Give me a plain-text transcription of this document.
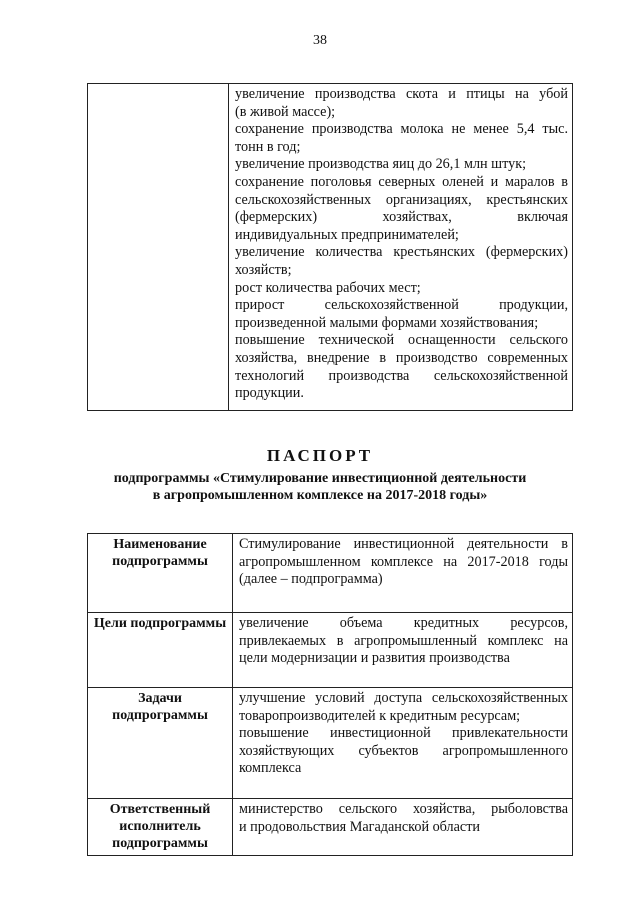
38

увеличение производства скота и птицы на убой
(в живой массе);
сохранение производства молока не менее 5,4 тыс.
тонн в год;
увеличение производства яиц до 26,1 млн штук;
сохранение поголовья северных оленей и маралов в
сельскохозяйственных организациях, крестьянских
(фермерских) хозяйствах, включая
индивидуальных предпринимателей;
увеличение количества крестьянских (фермерских)
хозяйств;
рост количества рабочих мест;
прирост сельскохозяйственной продукции,
произведенной малыми формами хозяйствования;
повышение технической оснащенности сельского
хозяйства, внедрение в производство современных
технологий производства сельскохозяйственной
продукции.
ПАСПОРТ
подпрограммы «Стимулирование инвестиционной деятельности
в агропромышленном комплексе на 2017-2018 годы»
Наименование подпрограммы	Стимулирование инвестиционной деятельности в
агропромышленном комплексе на 2017-2018 годы
(далее – подпрограмма)

Цели подпрограммы	увеличение объема кредитных ресурсов,
привлекаемых в агропромышленный комплекс на
цели модернизации и развития производства

Задачи подпрограммы	улучшение условий доступа сельскохозяйственных
товаропроизводителей к кредитным ресурсам;
повышение инвестиционной привлекательности
хозяйствующих субъектов агропромышленного
комплекса

Ответственный исполнитель подпрограммы	министерство сельского хозяйства, рыболовства
и продовольствия Магаданской области
